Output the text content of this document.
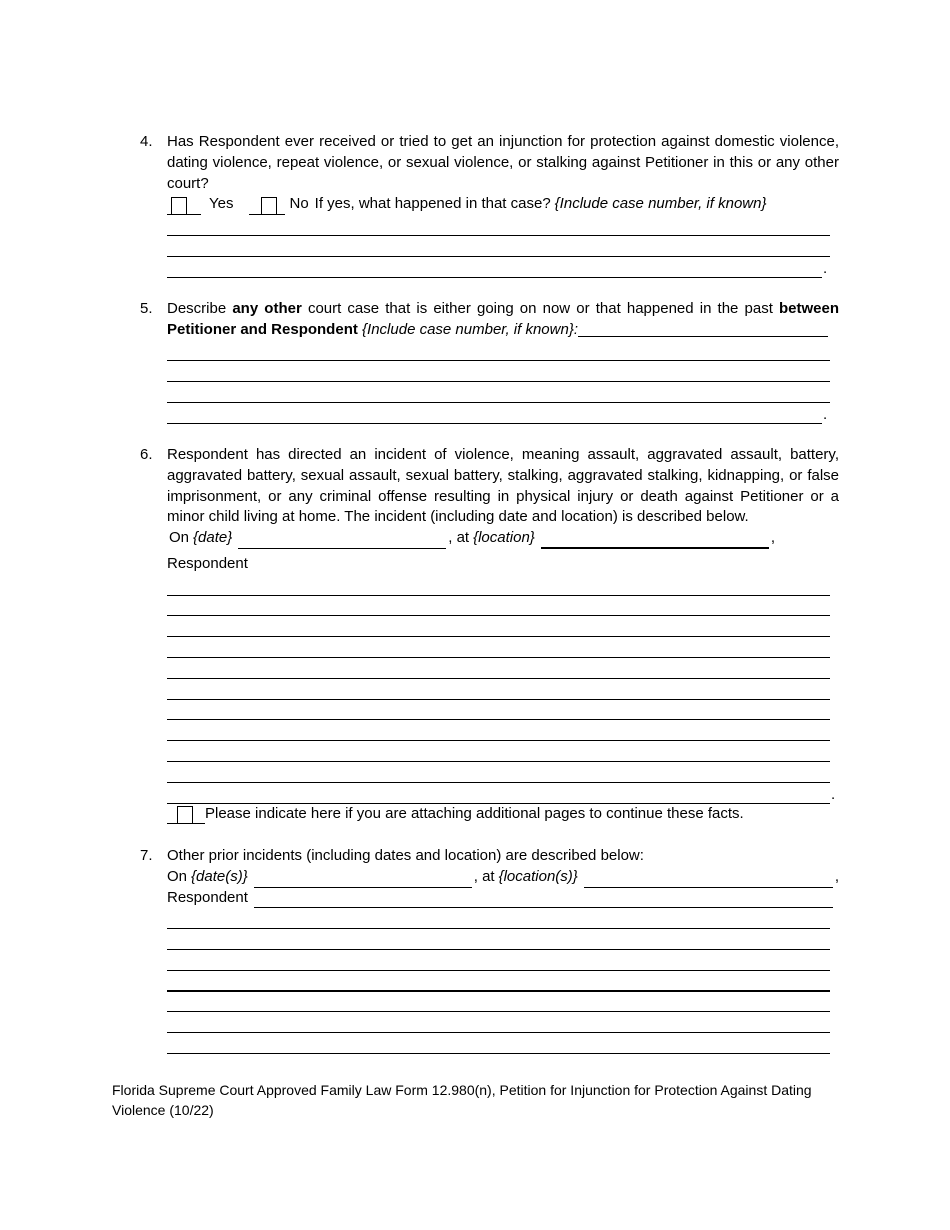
4. Has Respondent ever received or tried to get an injunction for protection against domestic violence, dating violence, repeat violence, or sexual violence, or stalking against Petitioner in this or any other court?
Yes	No If yes, what happened in that case? {Include case number, if known}
.
5. Describe any other court case that is either going on now or that happened in the past between Petitioner and Respondent {Include case number, if known}:
.
6. Respondent has directed an incident of violence, meaning assault, aggravated assault, battery, aggravated battery, sexual assault, sexual battery, stalking, aggravated stalking, kidnapping, or false imprisonment, or any criminal offense resulting in physical injury or death against Petitioner or a minor child living at home. The incident (including date and location) is described below.
On {date}	, at {location}	,
Respondent
.
Please indicate here if you are attaching additional pages to continue these facts.
7. Other prior incidents (including dates and location) are described below:
On {date(s)}	, at {location(s)}	,
Respondent
Florida Supreme Court Approved Family Law Form 12.980(n), Petition for Injunction for Protection Against Dating Violence (10/22)
